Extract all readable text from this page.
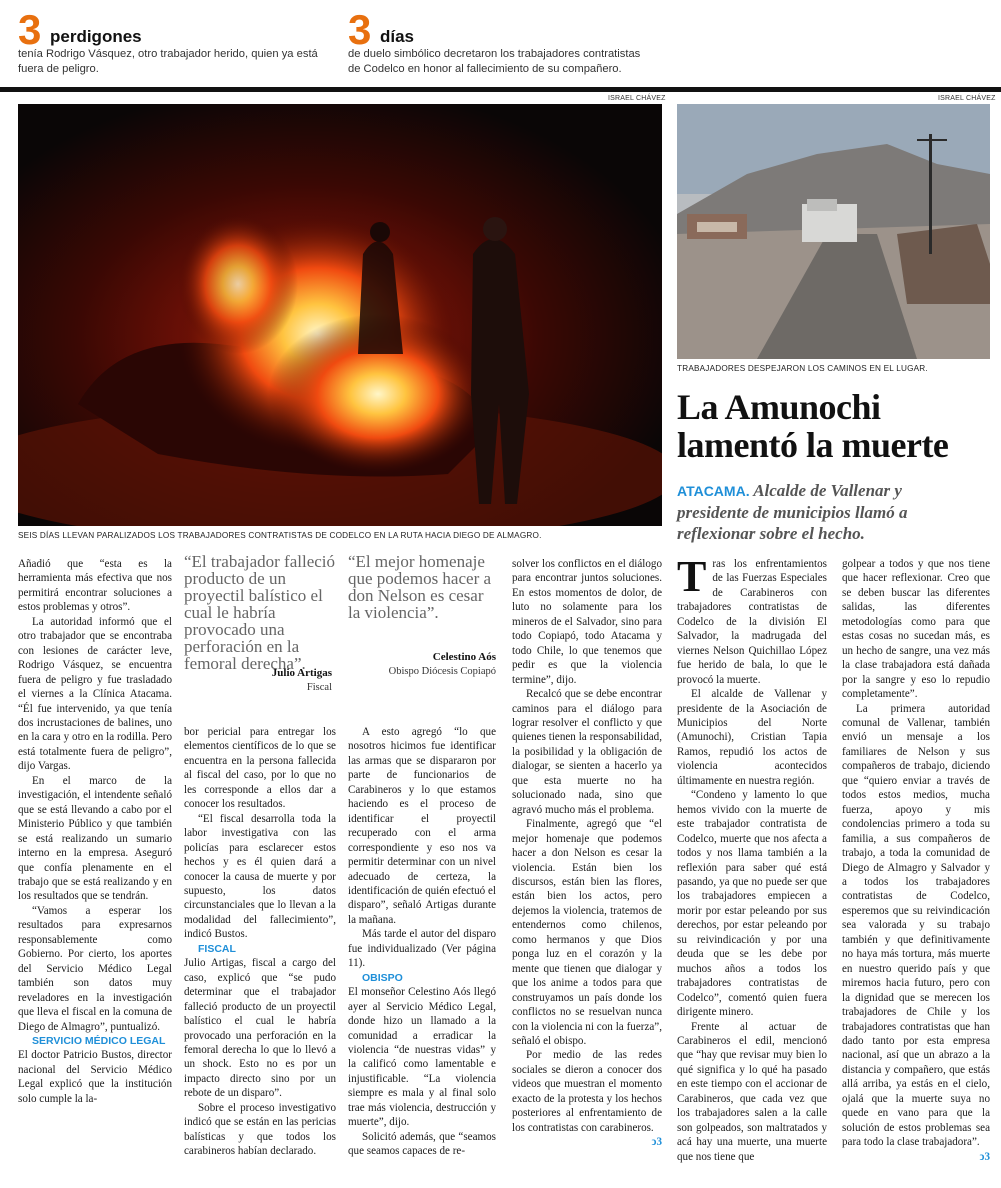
3 perdigones
tenía Rodrigo Vásquez, otro trabajador herido, quien ya está
fuera de peligro.
3 días
de duelo simbólico decretaron los trabajadores contratistas
de Codelco en honor al fallecimiento de su compañero.
ISRAEL CHÁVEZ
SEIS DÍAS LLEVAN PARALIZADOS LOS TRABAJADORES CONTRATISTAS DE CODELCO EN LA RUTA HACIA DIEGO DE ALMAGRO.
ISRAEL CHÁVEZ
TRABAJADORES DESPEJARON LOS CAMINOS EN EL LUGAR.
La Amunochi
lamentó la muerte
ATACAMA. Alcalde de Vallenar y presidente de municipios llamó a reflexionar sobre el hecho.
“El trabajador falleció producto de un proyectil balístico el cual le habría provocado una perforación en la femoral derecha”.
Julio Artigas
Fiscal
“El mejor homenaje que podemos hacer a don Nelson es cesar la violencia”.
Celestino Aós
Obispo Diócesis Copiapó

Añadió que “esta es la herramienta más efectiva que nos permitirá encontrar soluciones a estos problemas y otros”.

La autoridad informó que el otro trabajador que se encontraba con lesiones de carácter leve, Rodrigo Vásquez, se encuentra fuera de peligro y fue trasladado el viernes a la Clínica Atacama. “Él fue intervenido, ya que tenía dos incrustaciones de balines, uno en la cara y otro en la rodilla. Pero está totalmente fuera de peligro”, dijo Vargas.

En el marco de la investigación, el intendente señaló que se está llevando a cabo por el Ministerio Público y que también se está realizando un sumario interno en la empresa. Aseguró que confía plenamente en el trabajo que se está realizando y en los resultados que se tendrán.

“Vamos a esperar los resultados para expresarnos responsablemente como Gobierno. Por cierto, los aportes del Servicio Médico Legal también son datos muy reveladores en la investigación que lleva el fiscal en la comuna de Diego de Almagro”, puntualizó.

SERVICIO MÉDICO LEGAL

El doctor Patricio Bustos, director nacional del Servicio Médico Legal explicó que la institución solo cumple la la-

bor pericial para entregar los elementos científicos de lo que se encuentra en la persona fallecida al fiscal del caso, por lo que no les corresponde a ellos dar a conocer los resultados.

“El fiscal desarrolla toda la labor investigativa con las policías para esclarecer estos hechos y es él quien dará a conocer la causa de muerte y por supuesto, los datos circunstanciales que lo llevan a la modalidad del fallecimiento”, indicó Bustos.

FISCAL

Julio Artigas, fiscal a cargo del caso, explicó que “se pudo determinar que el trabajador falleció producto de un proyectil balístico el cual le habría provocado una perforación en la femoral derecha lo que lo llevó a un shock. Esto no es por un impacto directo sino por un rebote de un disparo”.

Sobre el proceso investigativo indicó que se están en las pericias balísticas y que todos los carabineros habían declarado.

A esto agregó “lo que nosotros hicimos fue identificar las armas que se dispararon por parte de funcionarios de Carabineros y lo que estamos haciendo es el proceso de identificar el proyectil recuperado con el arma correspondiente y eso nos va permitir determinar con un nivel adecuado de certeza, la identificación de quién efectuó el disparo”, señaló Artigas durante la mañana.

Más tarde el autor del disparo fue individualizado (Ver página 11).

OBISPO

El monseñor Celestino Aós llegó ayer al Servicio Médico Legal, donde hizo un llamado a la comunidad a erradicar la violencia “de nuestras vidas” y la calificó como lamentable e injustificable. “La violencia siempre es mala y al final solo trae más violencia, destrucción y muerte”, dijo.

Solicitó además, que “seamos que seamos capaces de re-

solver los conflictos en el diálogo para encontrar juntos soluciones. En estos momentos de dolor, de luto no solamente para los mineros de el Salvador, sino para todo Copiapó, todo Atacama y todo Chile, lo que tenemos que pedir es que la violencia termine”, dijo.

Recalcó que se debe encontrar caminos para el diálogo para lograr resolver el conflicto y que quienes tienen la responsabilidad, la posibilidad y la obligación de dialogar, se sienten a hacerlo ya que esta muerte no ha solucionado nada, sino que agravó mucho más el problema.

Finalmente, agregó que “el mejor homenaje que podemos hacer a don Nelson es cesar la violencia. Están bien los discursos, están bien las flores, están bien los actos, pero dejemos la violencia, tratemos de entendernos como chilenos, como hermanos y que Dios ponga luz en el corazón y la mente que tienen que dialogar y que los anime a todos para que construyamos un país donde los conflictos no se resuelvan nunca con la violencia ni con la fuerza”, señaló el obispo.

Por medio de las redes sociales se dieron a conocer dos videos que muestran el momento exacto de la protesta y los hechos posteriores al enfrentamiento de los contratistas con carabineros.

ↄ3

Tras los enfrentamientos de las Fuerzas Especiales de Carabineros con trabajadores contratistas de Codelco de la división El Salvador, la madrugada del viernes Nelson Quichillao López fue herido de bala, lo que le provocó la muerte.

El alcalde de Vallenar y presidente de la Asociación de Municipios del Norte (Amunochi), Cristian Tapia Ramos, repudió los actos de violencia acontecidos últimamente en nuestra región.

“Condeno y lamento lo que hemos vivido con la muerte de este trabajador contratista de Codelco, muerte que nos afecta a todos y nos llama también a la reflexión para saber qué está pasando, ya que no puede ser que los trabajadores empiecen a morir por estar peleando por sus derechos, por estar peleando por su reivindicación y por una deuda que se les debe por muchos años a todos los trabajadores contratistas de Codelco”, comentó quien fuera dirigente minero.

Frente al actuar de Carabineros el edil, mencionó que “hay que revisar muy bien lo qué significa y lo qué ha pasado en este tiempo con el accionar de Carabineros, que cada vez que los trabajadores salen a la calle son golpeados, son maltratados y acá hay una muerte, una muerte que nos tiene que

golpear a todos y que nos tiene que hacer reflexionar. Creo que se deben buscar las diferentes salidas, las diferentes metodologías como para que estas cosas no sucedan más, es un hecho de sangre, una vez más la clase trabajadora está dañada por la sangre y eso lo repudio completamente”.

La primera autoridad comunal de Vallenar, también envió un mensaje a los familiares de Nelson y sus compañeros de trabajo, diciendo que “quiero enviar a través de todos estos medios, mucha fuerza, apoyo y mis condolencias primero a toda su familia, a sus compañeros de trabajo, a toda la comunidad de Diego de Almagro y Salvador y a todos los trabajadores contratistas de Codelco, esperemos que su reivindicación sea valorada y su trabajo también y que definitivamente no haya más tortura, más muerte en nuestro querido país y que miremos hacia futuro, pero con la dignidad que se merecen los trabajadores de Chile y los trabajadores contratistas que han dado tanto por esta empresa nacional, así que un abrazo a la distancia y compañero, que estás allá arriba, ya estás en el cielo, ojalá que la muerte suya no quede en vano para que la solución de estos problemas sea para todo la clase trabajadora”.

ↄ3
